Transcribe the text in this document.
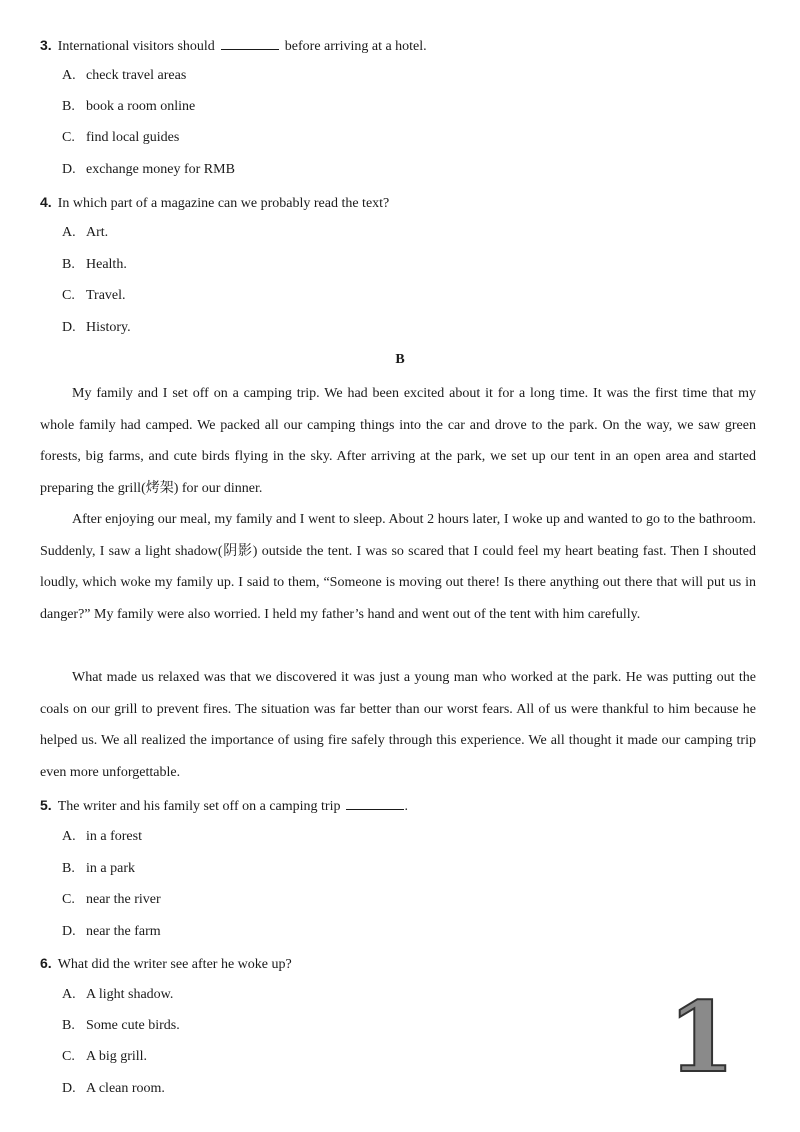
3. International visitors should	before arriving at a hotel.
A. check travel areas
B. book a room online
C. find local guides
D. exchange money for RMB
4. In which part of a magazine can we probably read the text?
A. Art.
B. Health.
C. Travel.
D. History.
B
My family and I set off on a camping trip. We had been excited about it for a long time. It was the first time that my whole family had camped. We packed all our camping things into the car and drove to the park. On the way, we saw green forests, big farms, and cute birds flying in the sky. After arriving at the park, we set up our tent in an open area and started preparing the grill(烤架) for our dinner.
After enjoying our meal, my family and I went to sleep. About 2 hours later, I woke up and wanted to go to the bathroom. Suddenly, I saw a light shadow(阴影) outside the tent. I was so scared that I could feel my heart beating fast. Then I shouted loudly, which woke my family up. I said to them, “Someone is moving out there! Is there anything out there that will put us in danger?” My family were also worried. I held my father’s hand and went out of the tent with him carefully.
What made us relaxed was that we discovered it was just a young man who worked at the park. He was putting out the coals on our grill to prevent fires. The situation was far better than our worst fears. All of us were thankful to him because he helped us. We all realized the importance of using fire safely through this experience. We all thought it made our camping trip even more unforgettable.
5. The writer and his family set off on a camping trip	.
A. in a forest
B. in a park
C. near the river
D. near the farm
6. What did the writer see after he woke up?
A. A light shadow.
B. Some cute birds.
C. A big grill.
D. A clean room.	1
